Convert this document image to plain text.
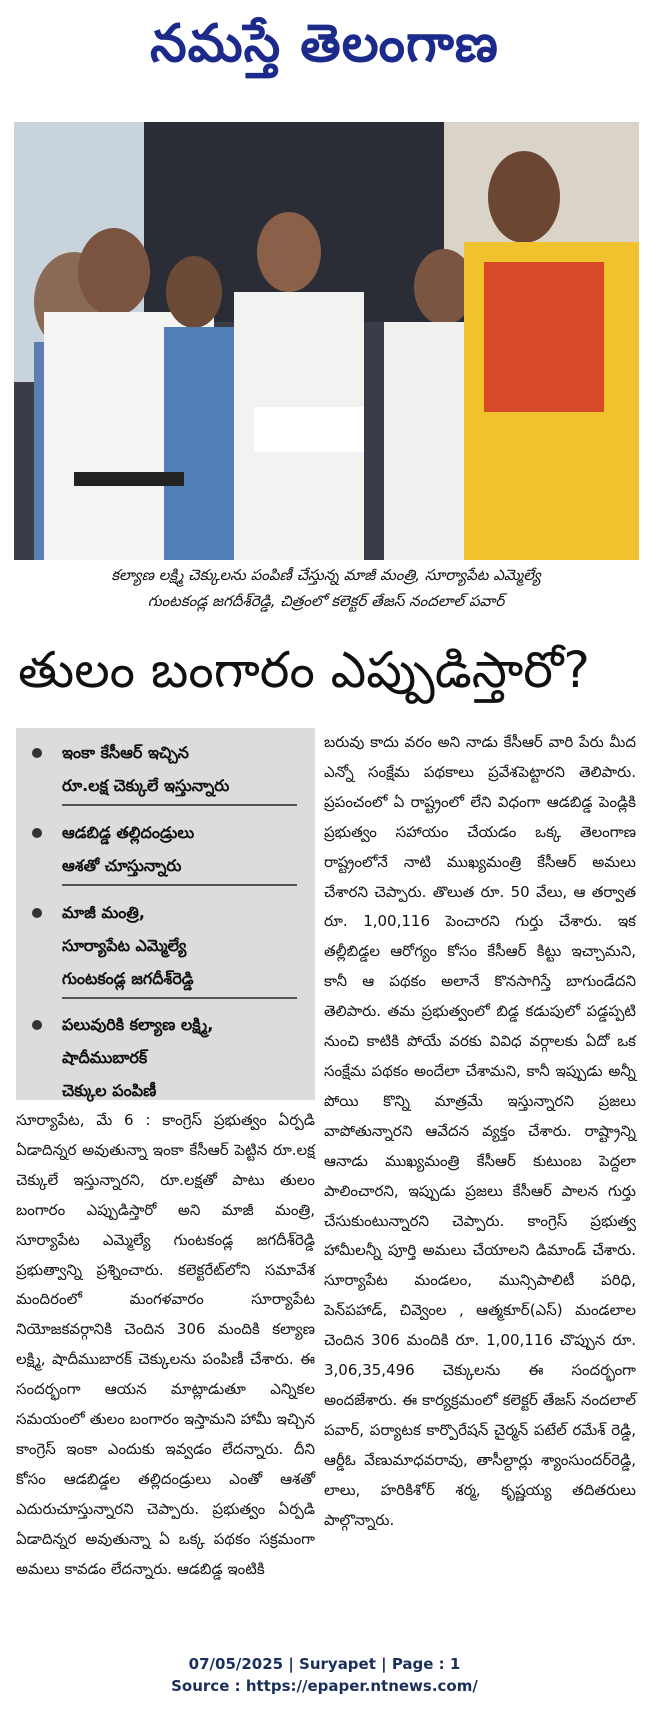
నమస్తే తెలంగాణ
కల్యాణ లక్ష్మి చెక్కులను పంపిణీ చేస్తున్న మాజీ మంత్రి, సూర్యాపేట ఎమ్మెల్యే
గుంటకండ్ల జగదీశ్‌రెడ్డి, చిత్రంలో కలెక్టర్ తేజస్ నందలాల్ పవార్
తులం బంగారం ఎప్పుడిస్తారో?
ఇంకా కేసీఆర్ ఇచ్చిన
రూ.లక్ష చెక్కులే ఇస్తున్నారు
ఆడబిడ్డ తల్లిదండ్రులు
ఆశతో చూస్తున్నారు
మాజీ మంత్రి,
సూర్యాపేట ఎమ్మెల్యే
గుంటకండ్ల జగదీశ్‌రెడ్డి
పలువురికి కల్యాణ లక్ష్మి,
షాదీముబారక్
చెక్కుల పంపిణీ
బరువు కాదు వరం అని నాడు కేసీఆర్ వారి పేరు మీద ఎన్నో సంక్షేమ పథకాలు ప్రవేశపెట్టారని తెలిపారు. ప్రపంచంలో ఏ రాష్ట్రంలో లేని విధంగా ఆడబిడ్డ పెండ్లికి ప్రభుత్వం సహాయం చేయడం ఒక్క తెలంగాణ రాష్ట్రంలోనే నాటి ముఖ్యమంత్రి కేసీఆర్ అమలు చేశారని చెప్పారు. తొలుత రూ. 50 వేలు, ఆ తర్వాత రూ. 1,00,116 పెంచారని గుర్తు చేశారు. ఇక తల్లీబిడ్డల ఆరోగ్యం కోసం కేసీఆర్ కిట్టు ఇచ్చామని, కానీ ఆ పథకం అలానే కొనసాగిస్తే బాగుండేదని తెలిపారు. తమ ప్రభుత్వంలో బిడ్డ కడుపులో పడ్డప్పటి నుంచి కాటికి పోయే వరకు వివిధ వర్గాలకు ఏదో ఒక సంక్షేమ పథకం అందేలా చేశామని, కానీ ఇప్పుడు అన్నీ పోయి కొన్ని మాత్రమే ఇస్తున్నారని ప్రజలు వాపోతున్నారని ఆవేదన వ్యక్తం చేశారు. రాష్ట్రాన్ని ఆనాడు ముఖ్యమంత్రి కేసీఆర్ కుటుంబ పెద్దలా పాలించారని, ఇప్పుడు ప్రజలు కేసీఆర్ పాలన గుర్తు చేసుకుంటున్నారని చెప్పారు. కాంగ్రెస్ ప్రభుత్వ హామీలన్నీ పూర్తి అమలు చేయాలని డిమాండ్ చేశారు. సూర్యాపేట మండలం, మున్సిపాలిటీ పరిధి, పెన్‌పహాడ్, చివ్వెంల , ఆత్మకూర్(ఎస్) మండలాల చెందిన 306 మందికి రూ. 1,00,116 చొప్పున రూ. 3,06,35,496 చెక్కులను ఈ సందర్భంగా అందజేశారు. ఈ కార్యక్రమంలో కలెక్టర్ తేజస్ నందలాల్ పవార్, పర్యాటక కార్పొరేషన్ చైర్మన్ పటేల్ రమేశ్ రెడ్డి, ఆర్డీఓ వేణుమాధవరావు, తాసీల్దార్లు శ్యాంసుందర్‌రెడ్డి, లాలు, హరికిశోర్ శర్మ, కృష్ణయ్య తదితరులు పాల్గొన్నారు.
సూర్యాపేట, మే 6 : కాంగ్రెస్ ప్రభుత్వం ఏర్పడి ఏడాదిన్నర అవుతున్నా ఇంకా కేసీఆర్ పెట్టిన రూ.లక్ష చెక్కులే ఇస్తున్నారని, రూ.లక్షతో పాటు తులం బంగారం ఎప్పుడిస్తారో అని మాజీ మంత్రి, సూర్యాపేట ఎమ్మెల్యే గుంటకండ్ల జగదీశ్‌రెడ్డి ప్రభుత్వాన్ని ప్రశ్నించారు. కలెక్టరేట్‌లోని సమావేశ మందిరంలో మంగళవారం సూర్యాపేట నియోజకవర్గానికి చెందిన 306 మందికి కల్యాణ లక్ష్మి, షాదీముబారక్ చెక్కులను పంపిణీ చేశారు. ఈ సందర్భంగా ఆయన మాట్లాడుతూ ఎన్నికల సమయంలో తులం బంగారం ఇస్తామని హామీ ఇచ్చిన కాంగ్రెస్ ఇంకా ఎందుకు ఇవ్వడం లేదన్నారు. దీని కోసం ఆడబిడ్డల తల్లిదండ్రులు ఎంతో ఆశతో ఎదురుచూస్తున్నారని చెప్పారు. ప్రభుత్వం ఏర్పడి ఏడాదిన్నర అవుతున్నా ఏ ఒక్క పథకం సక్రమంగా అమలు కావడం లేదన్నారు. ఆడబిడ్డ ఇంటికి
07/05/2025 | Suryapet | Page : 1
Source : https://epaper.ntnews.com/
